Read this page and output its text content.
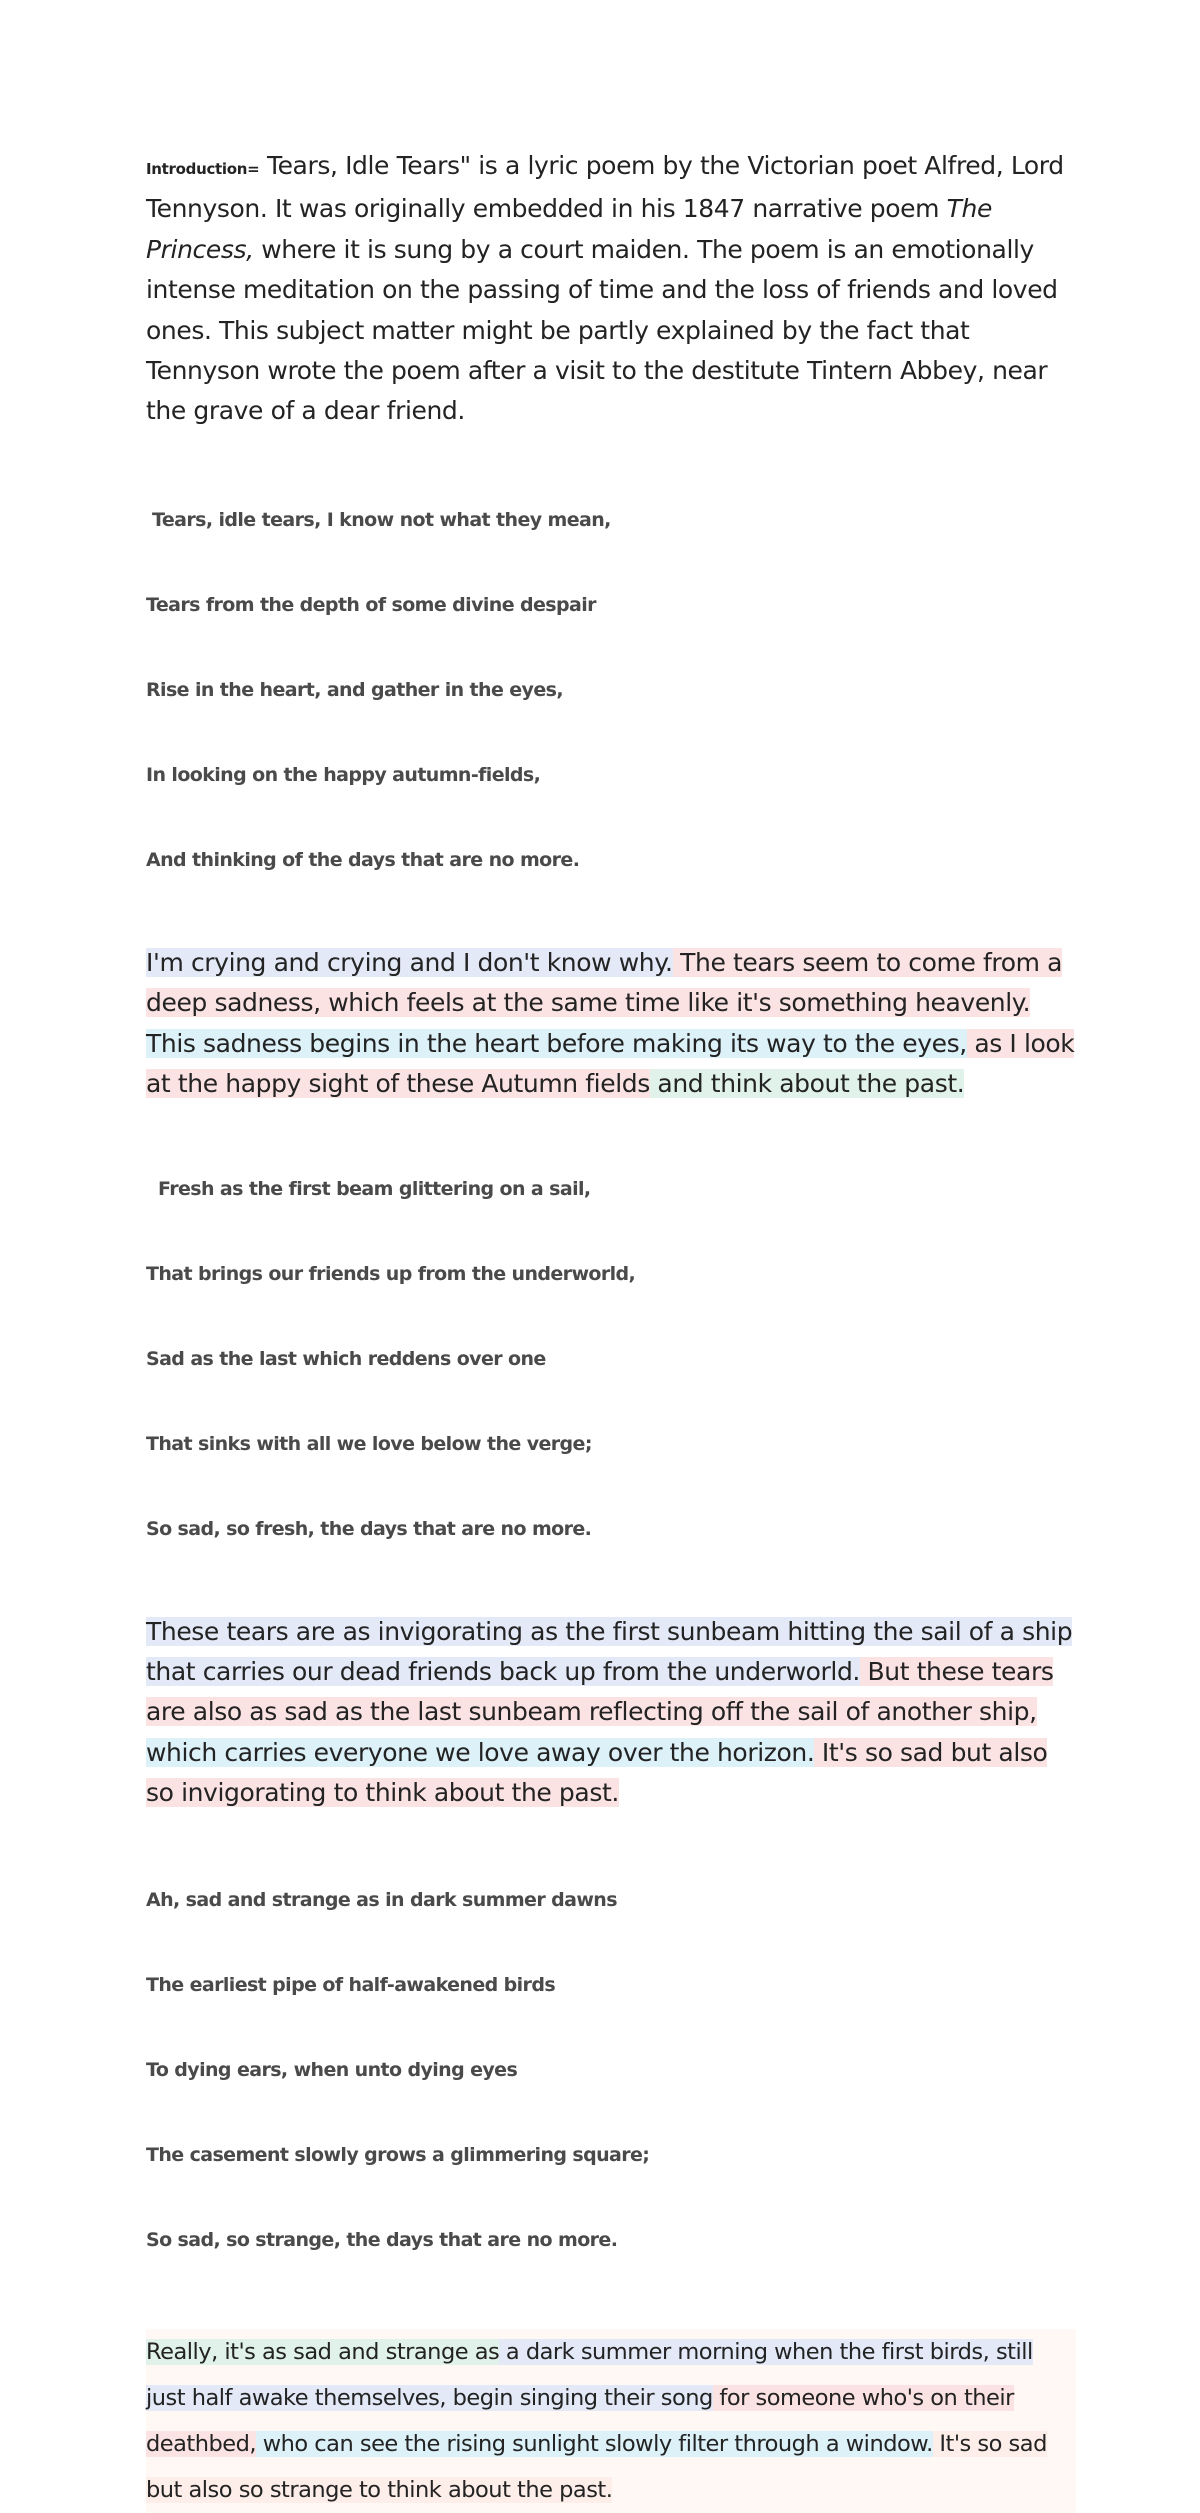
Introduction= Tears, Idle Tears" is a lyric poem by the Victorian poet Alfred, Lord Tennyson. It was originally embedded in his 1847 narrative poem The Princess, where it is sung by a court maiden. The poem is an emotionally intense meditation on the passing of time and the loss of friends and loved ones. This subject matter might be partly explained by the fact that Tennyson wrote the poem after a visit to the destitute Tintern Abbey, near the grave of a dear friend.

Tears, idle tears, I know not what they mean,

Tears from the depth of some divine despair

Rise in the heart, and gather in the eyes,

In looking on the happy autumn-fields,

And thinking of the days that are no more.

I'm crying and crying and I don't know why. The tears seem to come from a deep sadness, which feels at the same time like it's something heavenly. This sadness begins in the heart before making its way to the eyes, as I look at the happy sight of these Autumn fields and think about the past.

Fresh as the first beam glittering on a sail,

That brings our friends up from the underworld,

Sad as the last which reddens over one

That sinks with all we love below the verge;

So sad, so fresh, the days that are no more.

These tears are as invigorating as the first sunbeam hitting the sail of a ship that carries our dead friends back up from the underworld. But these tears are also as sad as the last sunbeam reflecting off the sail of another ship, which carries everyone we love away over the horizon. It's so sad but also so invigorating to think about the past.

Ah, sad and strange as in dark summer dawns

The earliest pipe of half-awakened birds

To dying ears, when unto dying eyes

The casement slowly grows a glimmering square;

So sad, so strange, the days that are no more.

Really, it's as sad and strange as a dark summer morning when the first birds, still just half awake themselves, begin singing their song for someone who's on their deathbed, who can see the rising sunlight slowly filter through a window. It's so sad but also so strange to think about the past.
